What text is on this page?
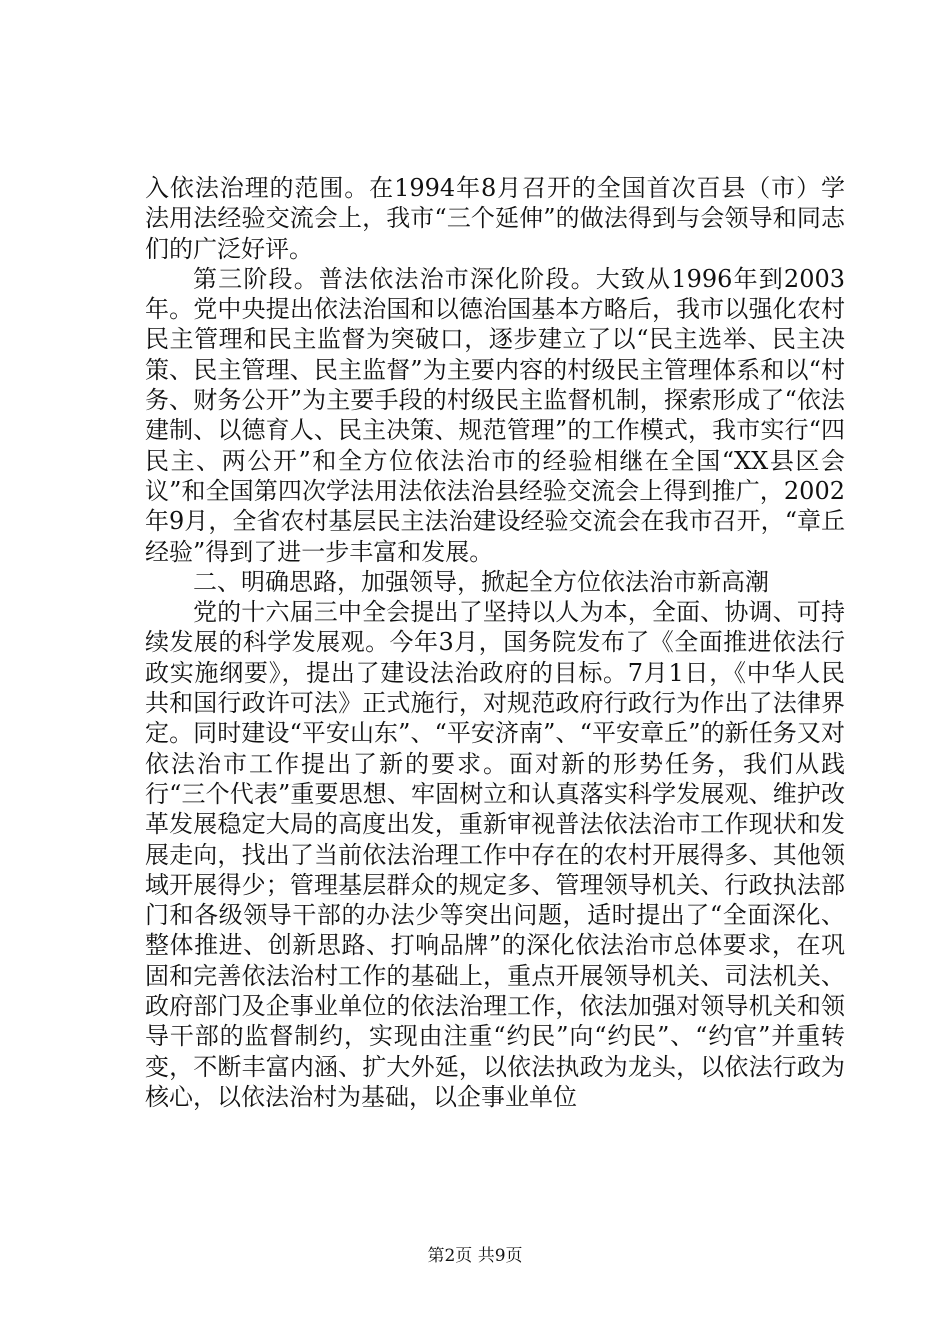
入依法治理的范围。在1994年8月召开的全国首次百县（市）学法用法经验交流会上，我市“三个延伸”的做法得到与会领导和同志们的广泛好评。

第三阶段。普法依法治市深化阶段。大致从1996年到2003年。党中央提出依法治国和以德治国基本方略后，我市以强化农村民主管理和民主监督为突破口，逐步建立了以“民主选举、民主决策、民主管理、民主监督”为主要内容的村级民主管理体系和以“村务、财务公开”为主要手段的村级民主监督机制，探索形成了“依法建制、以德育人、民主决策、规范管理”的工作模式，我市实行“四民主、两公开”和全方位依法治市的经验相继在全国“XX县区会议”和全国第四次学法用法依法治县经验交流会上得到推广，2002年9月，全省农村基层民主法治建设经验交流会在我市召开，“章丘经验”得到了进一步丰富和发展。

二、明确思路，加强领导，掀起全方位依法治市新高潮

党的十六届三中全会提出了坚持以人为本，全面、协调、可持续发展的科学发展观。今年3月，国务院发布了《全面推进依法行政实施纲要》，提出了建设法治政府的目标。7月1日，《中华人民共和国行政许可法》正式施行，对规范政府行政行为作出了法律界定。同时建设“平安山东”、“平安济南”、“平安章丘”的新任务又对依法治市工作提出了新的要求。面对新的形势任务，我们从践行“三个代表”重要思想、牢固树立和认真落实科学发展观、维护改革发展稳定大局的高度出发，重新审视普法依法治市工作现状和发展走向，找出了当前依法治理工作中存在的农村开展得多、其他领域开展得少；管理基层群众的规定多、管理领导机关、行政执法部门和各级领导干部的办法少等突出问题，适时提出了“全面深化、整体推进、创新思路、打响品牌”的深化依法治市总体要求，在巩固和完善依法治村工作的基础上，重点开展领导机关、司法机关、政府部门及企事业单位的依法治理工作，依法加强对领导机关和领导干部的监督制约，实现由注重“约民”向“约民”、“约官”并重转变，不断丰富内涵、扩大外延，以依法执政为龙头，以依法行政为核心，以依法治村为基础，以企事业单位

第2页 共9页
